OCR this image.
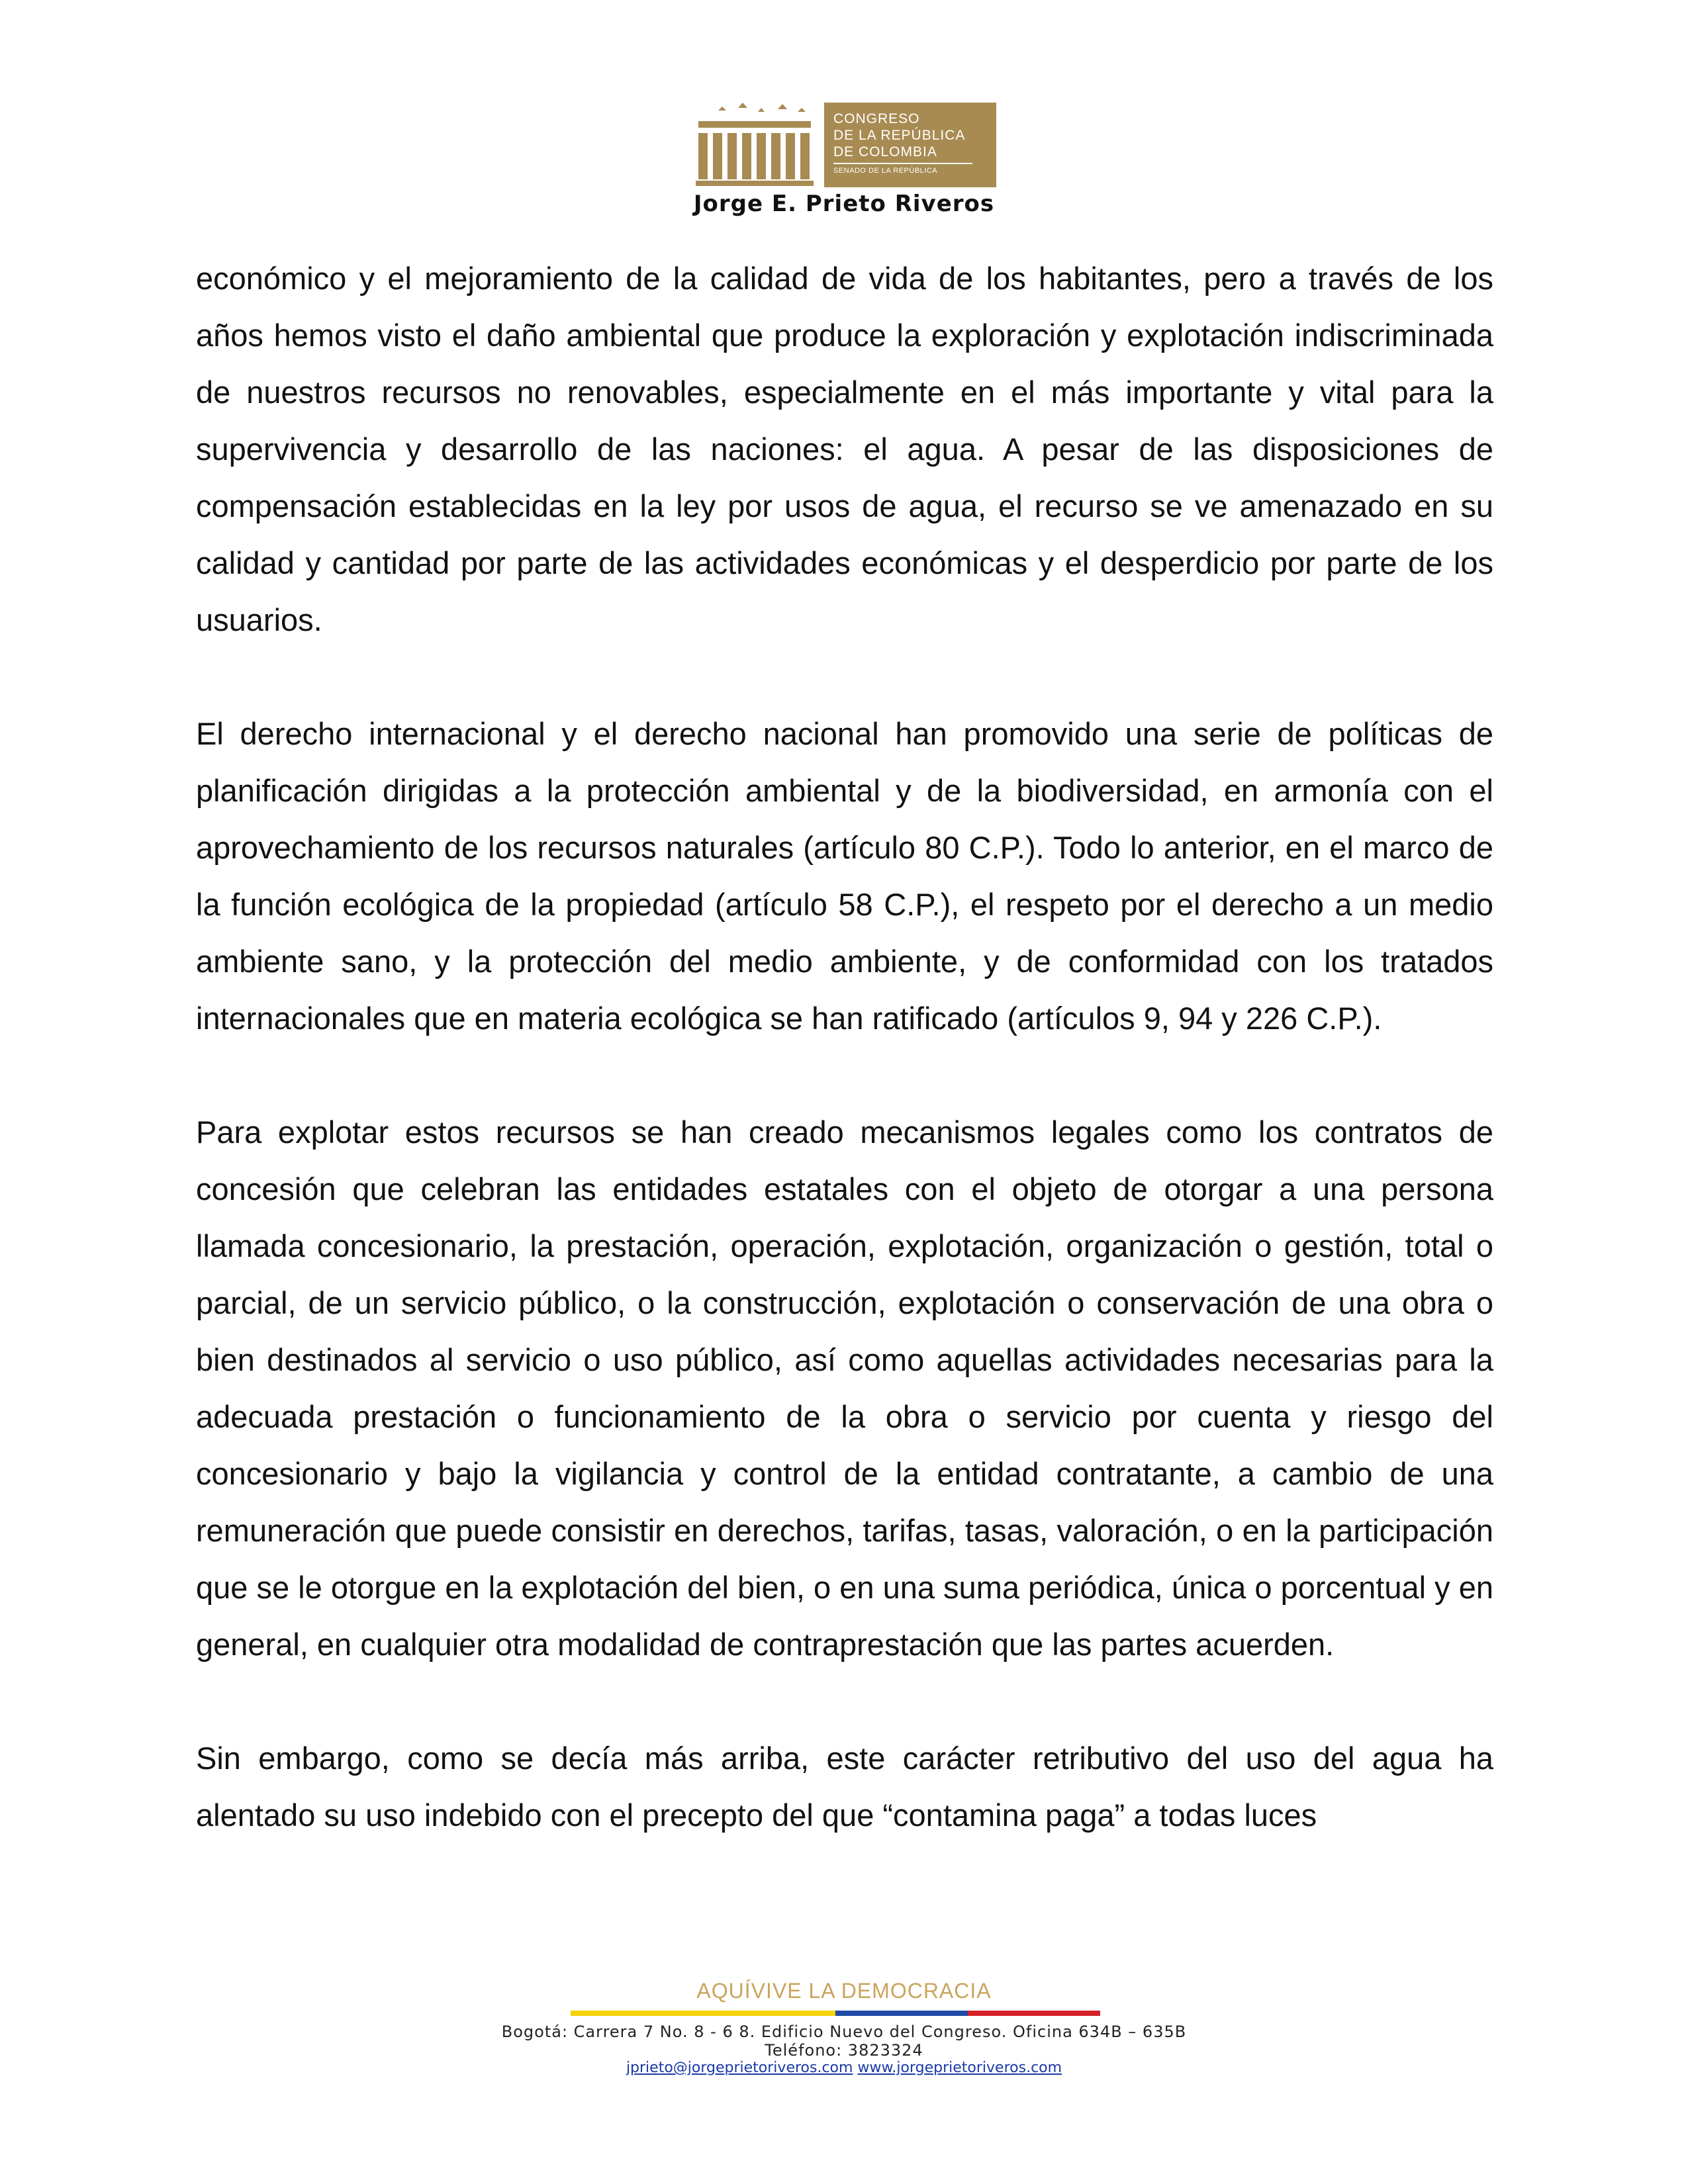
CONGRESO
DE LA REPÚBLICA
DE COLOMBIA
SENADO DE LA REPÚBLICA
Jorge E. Prieto Riveros

económico y el mejoramiento de la calidad de vida de los habitantes, pero a través de los años hemos visto el daño ambiental que produce la exploración y explotación indiscriminada de nuestros recursos no renovables, especialmente en el más importante y vital para la supervivencia y desarrollo de las naciones: el agua. A pesar de las disposiciones de compensación establecidas en la ley por usos de agua, el recurso se ve amenazado en su calidad y cantidad por parte de las actividades económicas y el desperdicio por parte de los usuarios.

El derecho internacional y el derecho nacional han promovido una serie de políticas de planificación dirigidas a la protección ambiental y de la biodiversidad, en armonía con el aprovechamiento de los recursos naturales (artículo 80 C.P.). Todo lo anterior, en el marco de la función ecológica de la propiedad (artículo 58 C.P.), el respeto por el derecho a un medio ambiente sano, y la protección del medio ambiente, y de conformidad con los tratados internacionales que en materia ecológica se han ratificado (artículos 9, 94 y 226 C.P.).

Para explotar estos recursos se han creado mecanismos legales como los contratos de concesión que celebran las entidades estatales con el objeto de otorgar a una persona llamada concesionario, la prestación, operación, explotación, organización o gestión, total o parcial, de un servicio público, o la construcción, explotación o conservación de una obra o bien destinados al servicio o uso público, así como aquellas actividades necesarias para la adecuada prestación o funcionamiento de la obra o servicio por cuenta y riesgo del concesionario y bajo la vigilancia y control de la entidad contratante, a cambio de una remuneración que puede consistir en derechos, tarifas, tasas, valoración, o en la participación que se le otorgue en la explotación del bien, o en una suma periódica, única o porcentual y en general, en cualquier otra modalidad de contraprestación que las partes acuerden.

Sin embargo, como se decía más arriba, este carácter retributivo del uso del agua ha alentado su uso indebido con el precepto del que “contamina paga” a todas luces

AQUÍVIVE LA DEMOCRACIA
Bogotá: Carrera 7 No. 8 - 6 8. Edificio Nuevo del Congreso. Oficina 634B – 635B
Teléfono: 3823324
jprieto@jorgeprietoriveros.com www.jorgeprietoriveros.com
